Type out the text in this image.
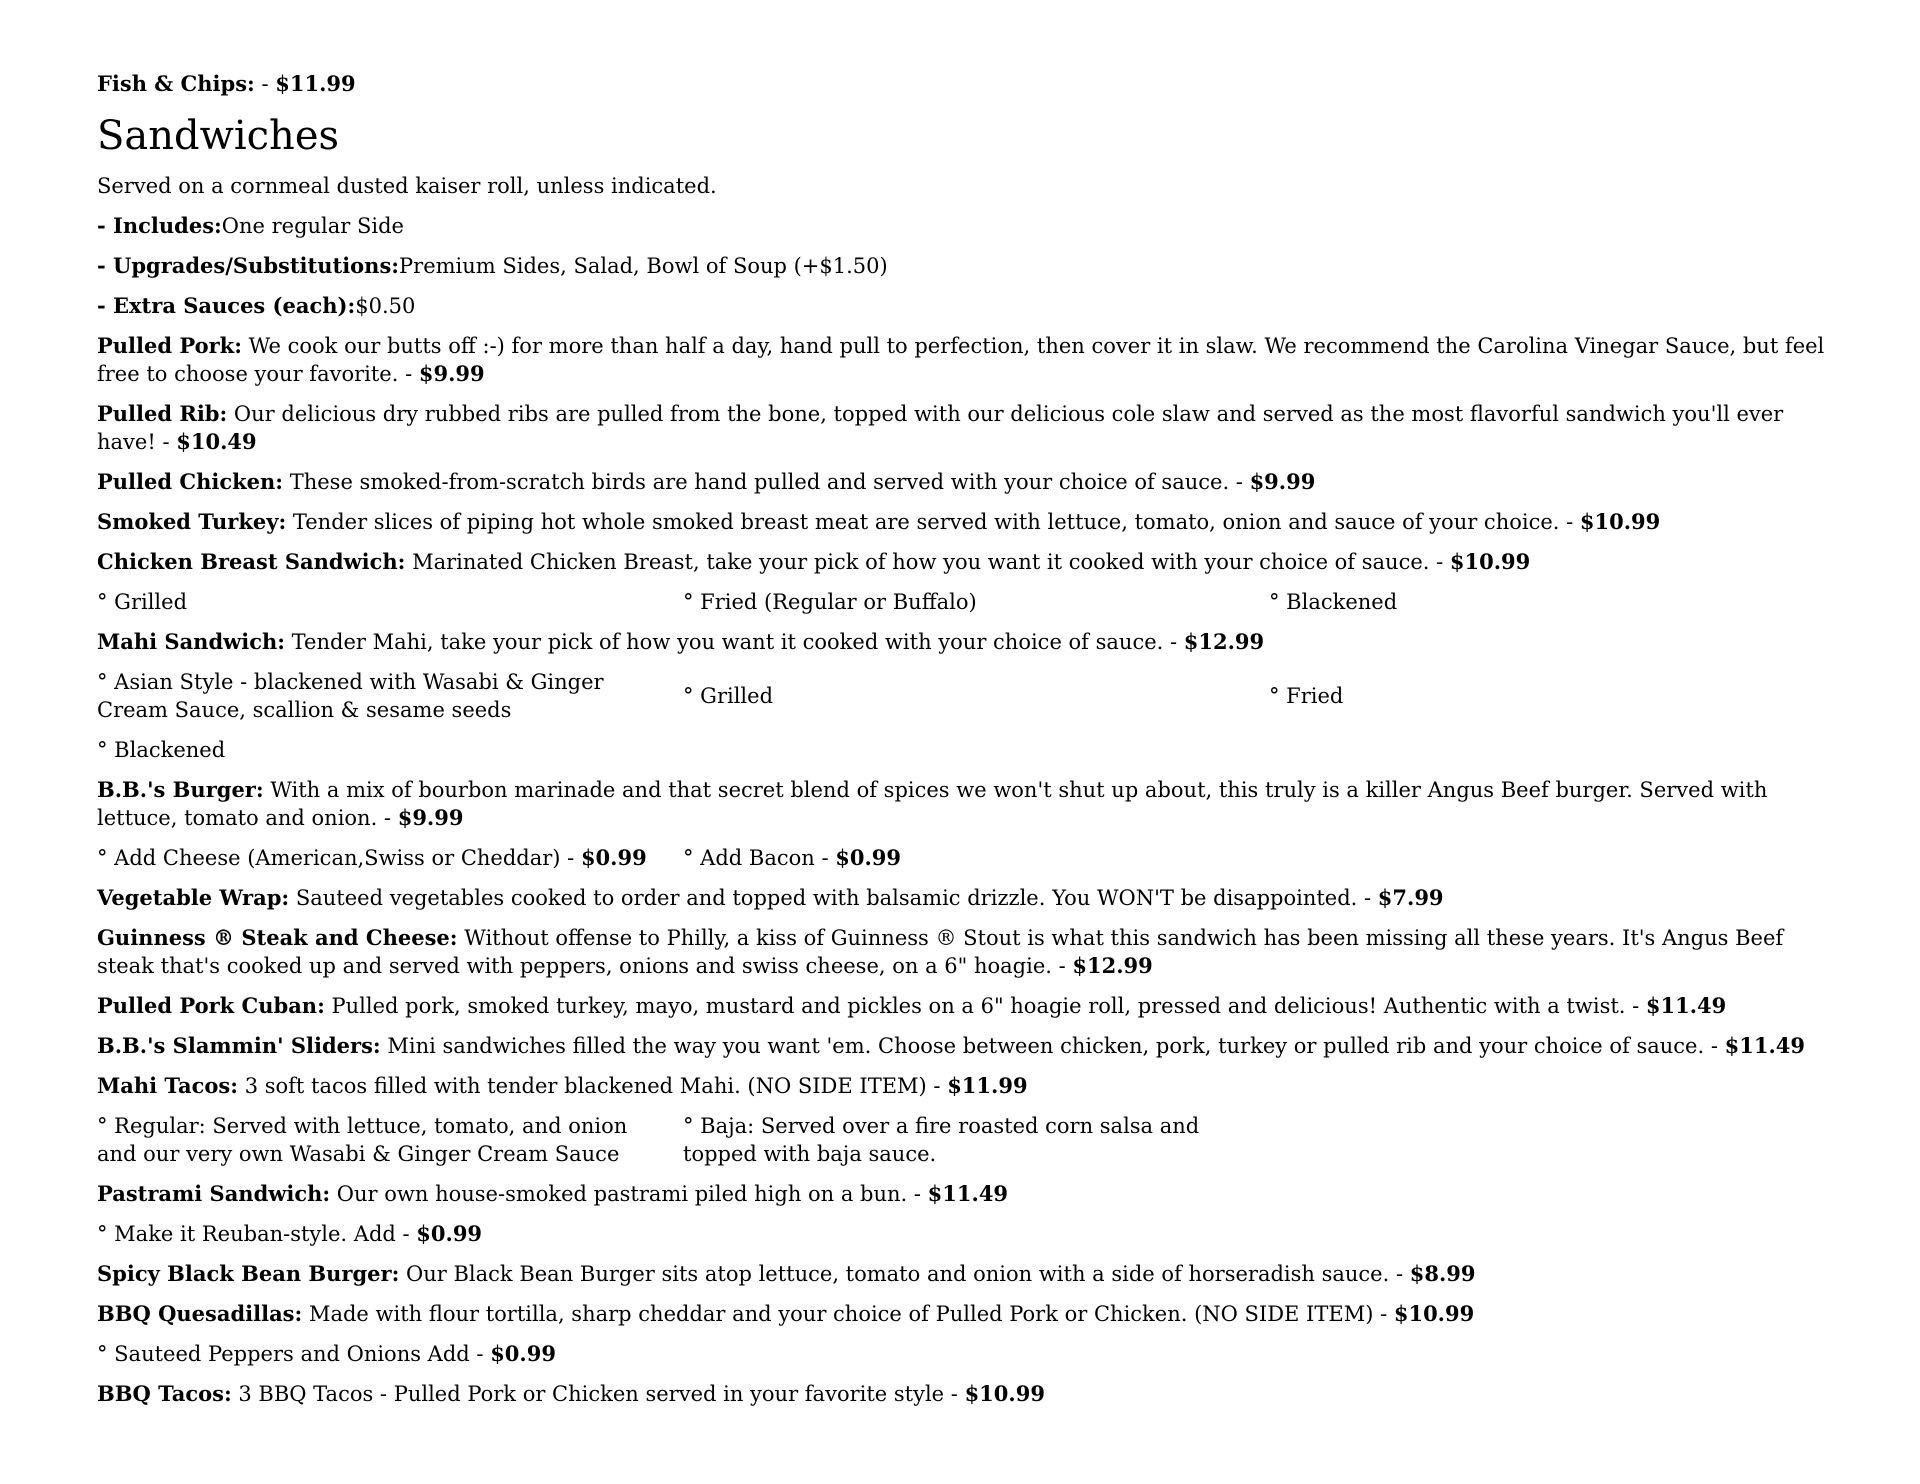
Fish & Chips: - $11.99
Sandwiches
Served on a cornmeal dusted kaiser roll, unless indicated.
- Includes:One regular Side
- Upgrades/Substitutions:Premium Sides, Salad, Bowl of Soup (+$1.50)
- Extra Sauces (each):$0.50
Pulled Pork: We cook our butts off :-) for more than half a day, hand pull to perfection, then cover it in slaw. We recommend the Carolina Vinegar Sauce, but feel free to choose your favorite. - $9.99
Pulled Rib: Our delicious dry rubbed ribs are pulled from the bone, topped with our delicious cole slaw and served as the most flavorful sandwich you'll ever have! - $10.49
Pulled Chicken: These smoked-from-scratch birds are hand pulled and served with your choice of sauce. - $9.99
Smoked Turkey: Tender slices of piping hot whole smoked breast meat are served with lettuce, tomato, onion and sauce of your choice. - $10.99
Chicken Breast Sandwich: Marinated Chicken Breast, take your pick of how you want it cooked with your choice of sauce. - $10.99
° Grilled	° Fried (Regular or Buffalo)	° Blackened
Mahi Sandwich: Tender Mahi, take your pick of how you want it cooked with your choice of sauce. - $12.99
° Asian Style - blackened with Wasabi & Ginger Cream Sauce, scallion & sesame seeds
° Grilled	° Fried
° Blackened
B.B.'s Burger: With a mix of bourbon marinade and that secret blend of spices we won't shut up about, this truly is a killer Angus Beef burger. Served with lettuce, tomato and onion. - $9.99
° Add Cheese (American,Swiss or Cheddar) - $0.99	° Add Bacon - $0.99
Vegetable Wrap: Sauteed vegetables cooked to order and topped with balsamic drizzle. You WON'T be disappointed. - $7.99
Guinness ® Steak and Cheese: Without offense to Philly, a kiss of Guinness ® Stout is what this sandwich has been missing all these years. It's Angus Beef steak that's cooked up and served with peppers, onions and swiss cheese, on a 6" hoagie. - $12.99
Pulled Pork Cuban: Pulled pork, smoked turkey, mayo, mustard and pickles on a 6" hoagie roll, pressed and delicious! Authentic with a twist. - $11.49
B.B.'s Slammin' Sliders: Mini sandwiches filled the way you want 'em. Choose between chicken, pork, turkey or pulled rib and your choice of sauce. - $11.49
Mahi Tacos: 3 soft tacos filled with tender blackened Mahi. (NO SIDE ITEM) - $11.99
° Regular: Served with lettuce, tomato, and onion and our very own Wasabi & Ginger Cream Sauce
° Baja: Served over a fire roasted corn salsa and topped with baja sauce.
Pastrami Sandwich: Our own house-smoked pastrami piled high on a bun. - $11.49
° Make it Reuban-style. Add - $0.99
Spicy Black Bean Burger: Our Black Bean Burger sits atop lettuce, tomato and onion with a side of horseradish sauce. - $8.99
BBQ Quesadillas: Made with flour tortilla, sharp cheddar and your choice of Pulled Pork or Chicken. (NO SIDE ITEM) - $10.99
° Sauteed Peppers and Onions Add - $0.99
BBQ Tacos: 3 BBQ Tacos - Pulled Pork or Chicken served in your favorite style - $10.99
